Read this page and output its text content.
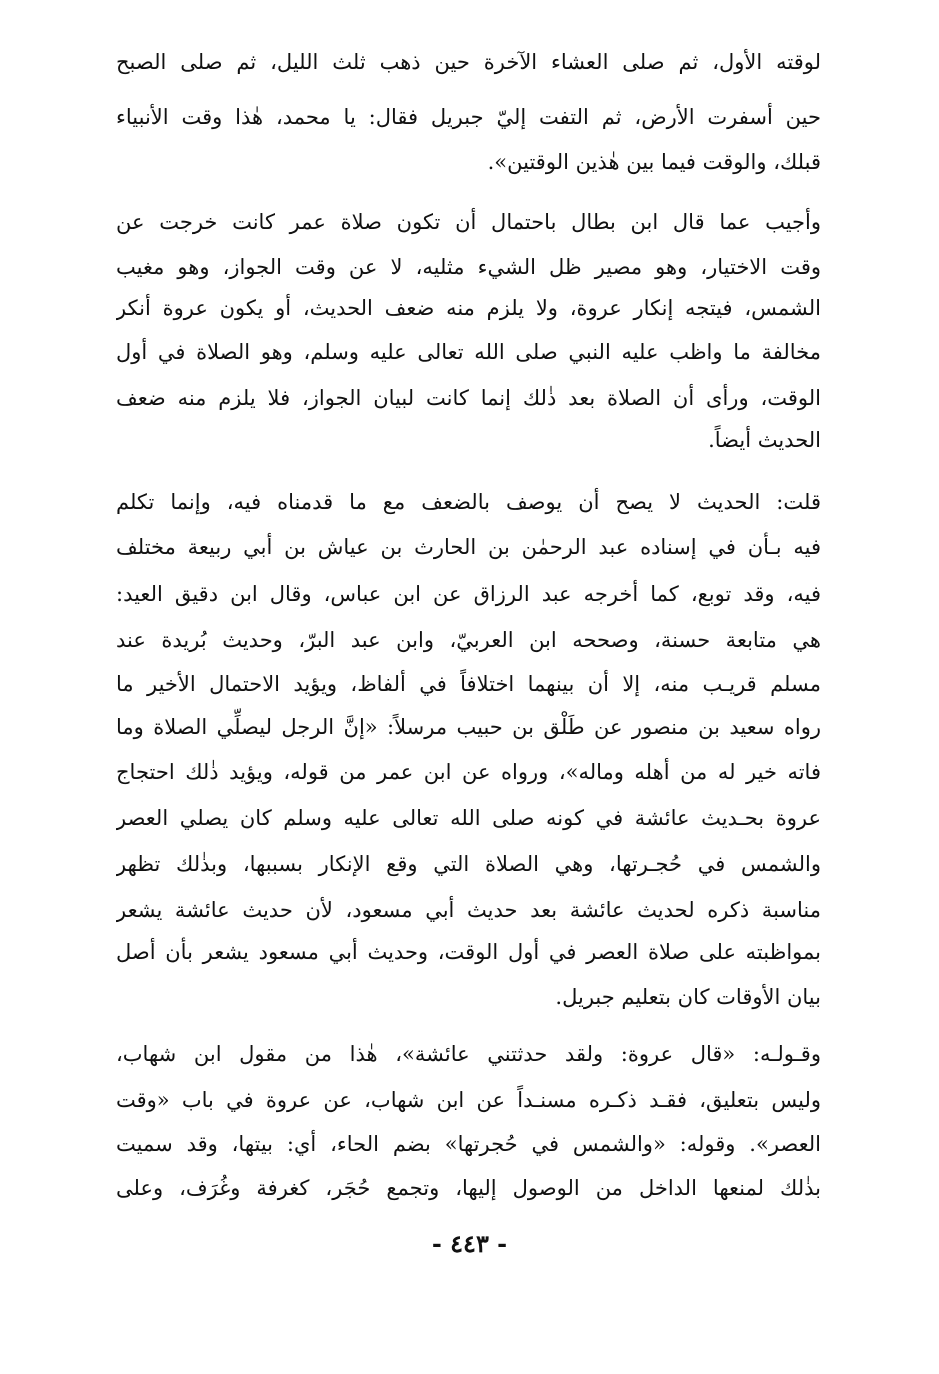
لوقته الأول، ثم صلى العشاء الآخرة حين ذهب ثلث الليل، ثم صلى الصبح
حين أسفرت الأرض، ثم التفت إليّ جبريل فقال: يا محمد، هٰذا وقت الأنبياء
قبلك، والوقت فيما بين هٰذين الوقتين».
وأجيب عما قال ابن بطال باحتمال أن تكون صلاة عمر كانت خرجت عن
وقت الاختيار، وهو مصير ظل الشيء مثليه، لا عن وقت الجواز، وهو مغيب
الشمس، فيتجه إنكار عروة، ولا يلزم منه ضعف الحديث، أو يكون عروة أنكر
مخالفة ما واظب عليه النبي صلى الله تعالى عليه وسلم، وهو الصلاة في أول
الوقت، ورأى أن الصلاة بعد ذٰلك إنما كانت لبيان الجواز، فلا يلزم منه ضعف
الحديث أيضاً.
قلت: الحديث لا يصح أن يوصف بالضعف مع ما قدمناه فيه، وإنما تكلم
فيه بـأن في إسناده عبد الرحمٰن بن الحارث بن عياش بن أبي ربيعة مختلف
فيه، وقد توبع، كما أخرجه عبد الرزاق عن ابن عباس، وقال ابن دقيق العيد:
هي متابعة حسنة، وصححه ابن العربيّ، وابن عبد البرّ، وحديث بُريدة عند
مسلم قريـب منه، إلا أن بينهما اختلافاً في ألفاظ، ويؤيد الاحتمال الأخير ما
رواه سعيد بن منصور عن طَلْق بن حبيب مرسلاً: «إنَّ الرجل ليصلِّي الصلاة وما
فاته خير له من أهله وماله»، ورواه عن ابن عمر من قوله، ويؤيد ذٰلك احتجاج
عروة بحـديث عائشة في كونه صلى الله تعالى عليه وسلم كان يصلي العصر
والشمس في حُجـرتها، وهي الصلاة التي وقع الإنكار بسببها، وبذٰلك تظهر
مناسبة ذكره لحديث عائشة بعد حديث أبي مسعود، لأن حديث عائشة يشعر
بمواظبته على صلاة العصر في أول الوقت، وحديث أبي مسعود يشعر بأن أصل
بيان الأوقات كان بتعليم جبريل.
وقـولـه: «قال عروة: ولقد حدثتني عائشة»، هٰذا من مقول ابن شهاب،
وليس بتعليق، فقـد ذكـره مسنـداً عن ابن شهاب، عن عروة في باب «وقت
العصر». وقوله: «والشمس في حُجرتها» بضم الحاء، أي: بيتها، وقد سميت
بذٰلك لمنعها الداخل من الوصول إليها، وتجمع حُجَر، كغرفة وغُرَف، وعلى
- ٤٤٣ -
